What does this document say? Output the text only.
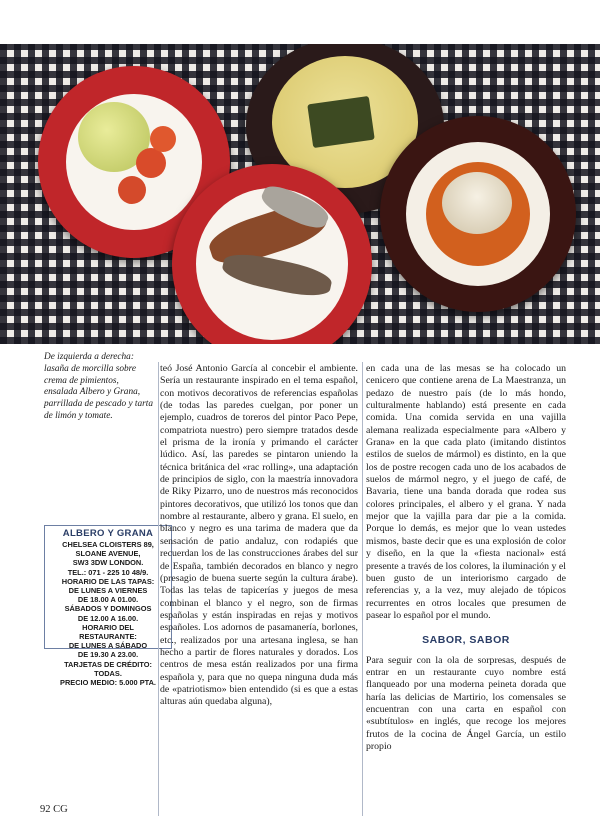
De izquierda a derecha: lasaña de morcilla sobre crema de pimientos, ensalada Albero y Grana, parrillada de pescado y tarta de limón y tomate.
ALBERO Y GRANA
CHELSEA CLOISTERS 89,
SLOANE AVENUE,
SW3 3DW LONDON.
TEL.: 071 - 225 10 48/9.
HORARIO DE LAS TAPAS:
DE LUNES A VIERNES
DE 18.00 A 01.00.
SÁBADOS Y DOMINGOS
DE 12.00 A 16.00.
HORARIO DEL
RESTAURANTE:
DE LUNES A SÁBADO
DE 19.30 A 23.00.
TARJETAS DE CRÉDITO:
TODAS.
PRECIO MEDIO: 5.000 PTA.

teó José Antonio García al concebir el ambiente. Sería un restaurante inspirado en el tema español, con motivos decorativos de referencias españolas (de todas las paredes cuelgan, por poner un ejemplo, cuadros de toreros del pintor Paco Pepe, compatriota nuestro) pero siempre tratados desde el prisma de la ironía y primando el carácter lúdico. Así, las paredes se pintaron uniendo la técnica británica del «rac rolling», una adaptación de principios de siglo, con la maestría innovadora de Riky Pizarro, uno de nuestros más reconocidos pintores decorativos, que utilizó los tonos que dan nombre al restaurante, albero y grana. El suelo, en blanco y negro es una tarima de madera que da sensación de patio andaluz, con rodapiés que recuerdan los de las construcciones árabes del sur de España, también decorados en blanco y negro (presagio de buena suerte según la cultura árabe). Todas las telas de tapicerías y juegos de mesa combinan el blanco y el negro, son de firmas españolas y están inspiradas en rejas y motivos españoles. Los adornos de pasamanería, borlones, etc., realizados por una artesana inglesa, se han hecho a partir de flores naturales y dorados. Los centros de mesa están realizados por una firma española y, para que no quepa ninguna duda más de «patriotismo» bien entendido (si es que a estas alturas aún quedaba alguna),

en cada una de las mesas se ha colocado un cenicero que contiene arena de La Maestranza, un pedazo de nuestro país (de lo más hondo, culturalmente hablando) está presente en cada comida. Una comida servida en una vajilla alemana realizada especialmente para «Albero y Grana» en la que cada plato (imitando distintos estilos de suelos de mármol) es distinto, en la que los de postre recogen cada uno de los acabados de suelos de mármol negro, y el juego de café, de Bavaria, tiene una banda dorada que rodea sus colores principales, el albero y el grana. Y nada mejor que la vajilla para dar pie a la comida. Porque lo demás, es mejor que lo vean ustedes mismos, baste decir que es una explosión de color y diseño, en la que la «fiesta nacional» está presente a través de los colores, la iluminación y el buen gusto de un interiorismo cargado de referencias y, a la vez, muy alejado de tópicos recurrentes en otros locales que presumen de pasear lo español por el mundo.

SABOR, SABOR

Para seguir con la ola de sorpresas, después de entrar en un restaurante cuyo nombre está flanqueado por una moderna peineta dorada que haría las delicias de Martirio, los comensales se encuentran con una carta en español con «subtítulos» en inglés, que recoge los mejores frutos de la cocina de Ángel García, un estilo propio

92 CG
